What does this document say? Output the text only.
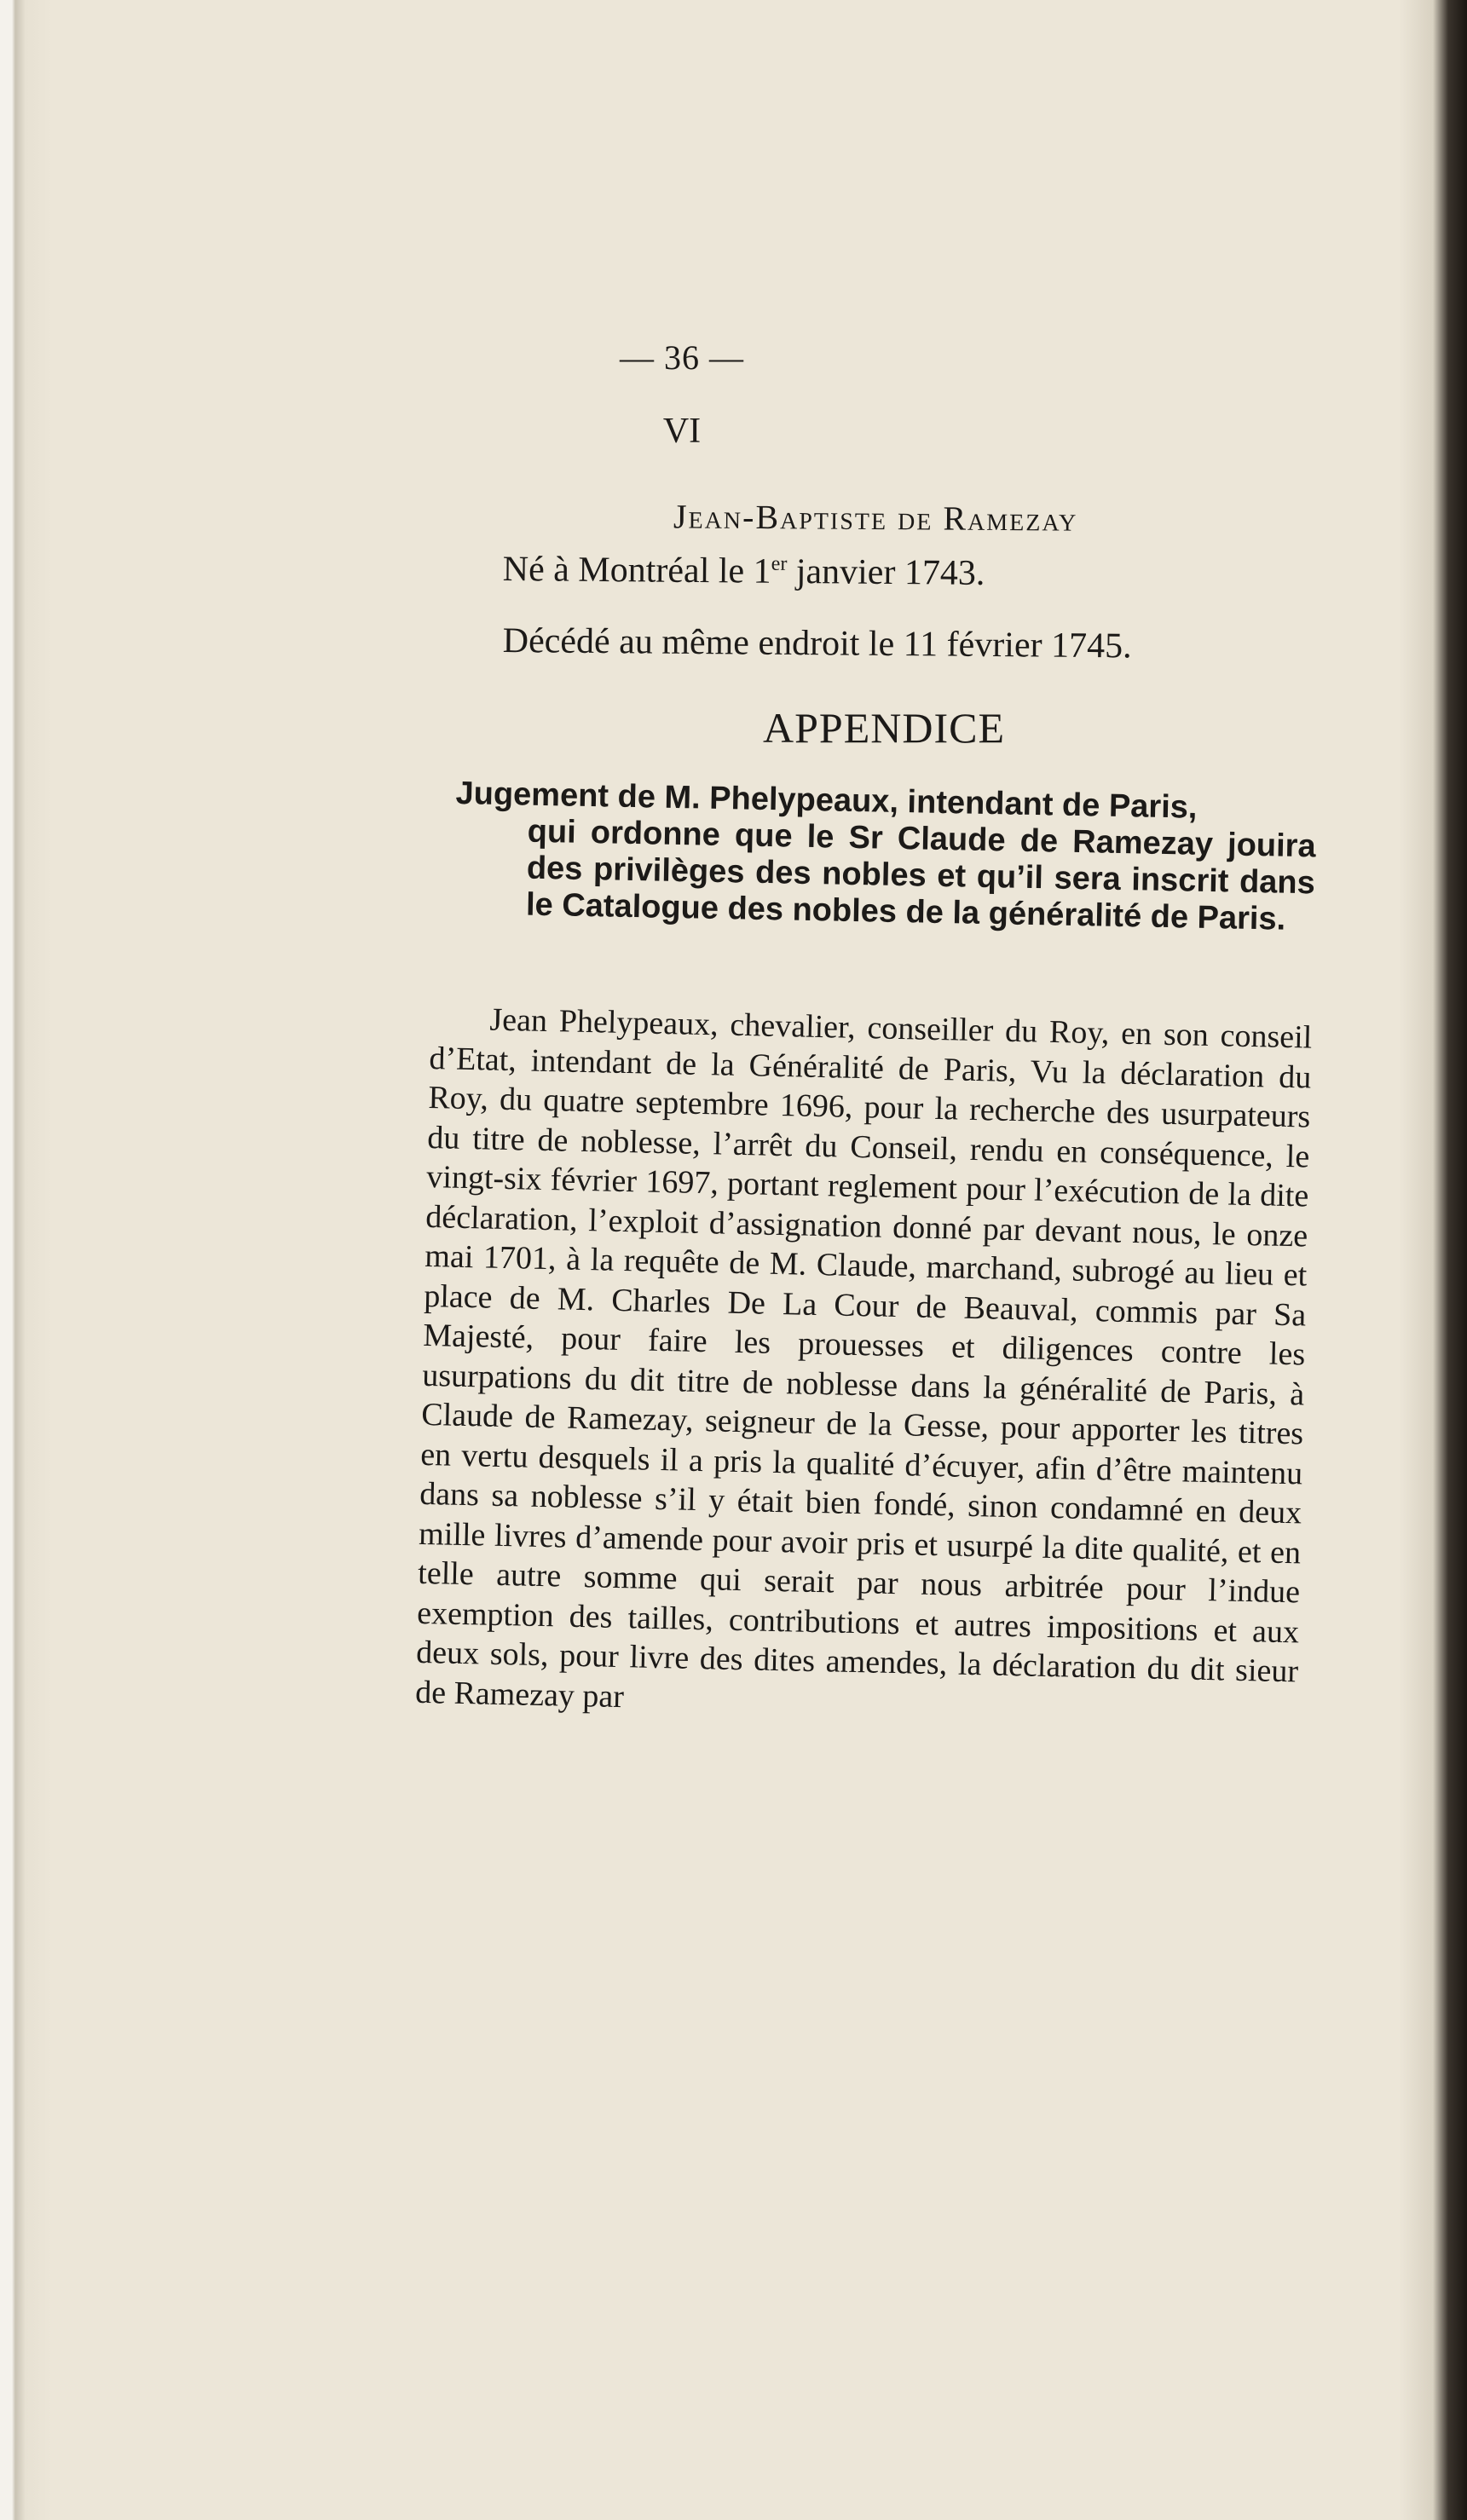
— 36 —
VI
Jean-Baptiste de Ramezay
Né à Montréal le 1er janvier 1743.
Décédé au même endroit le 11 février 1745.
APPENDICE
Jugement de M. Phelypeaux, intendant de Paris,
qui ordonne que le Sr Claude de Ramezay jouira des privilèges des nobles et qu’il sera inscrit dans le Catalogue des nobles de la généralité de Paris.

Jean Phelypeaux, chevalier, conseiller du Roy, en son conseil d’Etat, intendant de la Généralité de Paris, Vu la déclaration du Roy, du quatre septembre 1696, pour la recherche des usurpateurs du titre de noblesse, l’arrêt du Conseil, rendu en conséquence, le vingt-six février 1697, portant reglement pour l’exécution de la dite déclaration, l’exploit d’assignation donné par devant nous, le onze mai 1701, à la requête de M. Claude, marchand, subrogé au lieu et place de M. Charles De La Cour de Beauval, commis par Sa Majesté, pour faire les prouesses et diligences contre les usurpations du dit titre de noblesse dans la généralité de Paris, à Claude de Ramezay, seigneur de la Gesse, pour apporter les titres en vertu desquels il a pris la qualité d’écuyer, afin d’être maintenu dans sa noblesse s’il y était bien fondé, sinon condamné en deux mille livres d’amende pour avoir pris et usurpé la dite qualité, et en telle autre somme qui serait par nous arbitrée pour l’indue exemption des tailles, contributions et autres impositions et aux deux sols, pour livre des dites amendes, la déclaration du dit sieur de Ramezay par
